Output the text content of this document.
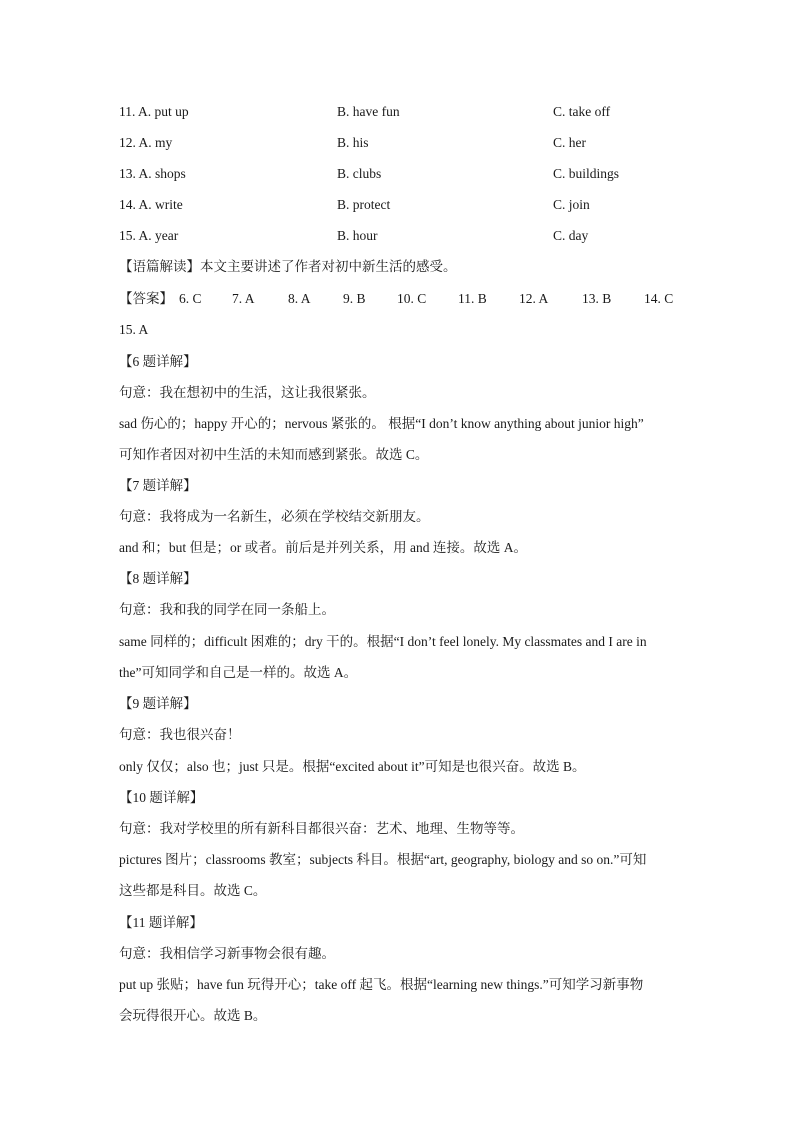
11. A. put up	B. have fun	C. take off
12. A. my	B. his	C. her
13. A. shops	B. clubs	C. buildings
14. A. write	B. protect	C. join
15. A. year	B. hour	C. day
【语篇解读】本文主要讲述了作者对初中新生活的感受。
【答案】 6. C 7. A 8. A 9. B 10. C 11. B 12. A 13. B 14. C
15. A
【6 题详解】
句意：我在想初中的生活，这让我很紧张。
sad 伤心的；happy 开心的；nervous 紧张的。 根据“I don’t know anything about junior high”
可知作者因对初中生活的未知而感到紧张。故选 C。
【7 题详解】
句意：我将成为一名新生，必须在学校结交新朋友。
and 和；but 但是；or 或者。前后是并列关系，用 and 连接。故选 A。
【8 题详解】
句意：我和我的同学在同一条船上。
same 同样的；difficult 困难的；dry 干的。根据“I don’t feel lonely. My classmates and I are in
the”可知同学和自己是一样的。故选 A。
【9 题详解】
句意：我也很兴奋！
only 仅仅；also 也；just 只是。根据“excited about it”可知是也很兴奋。故选 B。
【10 题详解】
句意：我对学校里的所有新科目都很兴奋：艺术、地理、生物等等。
pictures 图片；classrooms 教室；subjects 科目。根据“art, geography, biology and so on.”可知
这些都是科目。故选 C。
【11 题详解】
句意：我相信学习新事物会很有趣。
put up 张贴；have fun 玩得开心；take off 起飞。根据“learning new things.”可知学习新事物
会玩得很开心。故选 B。
